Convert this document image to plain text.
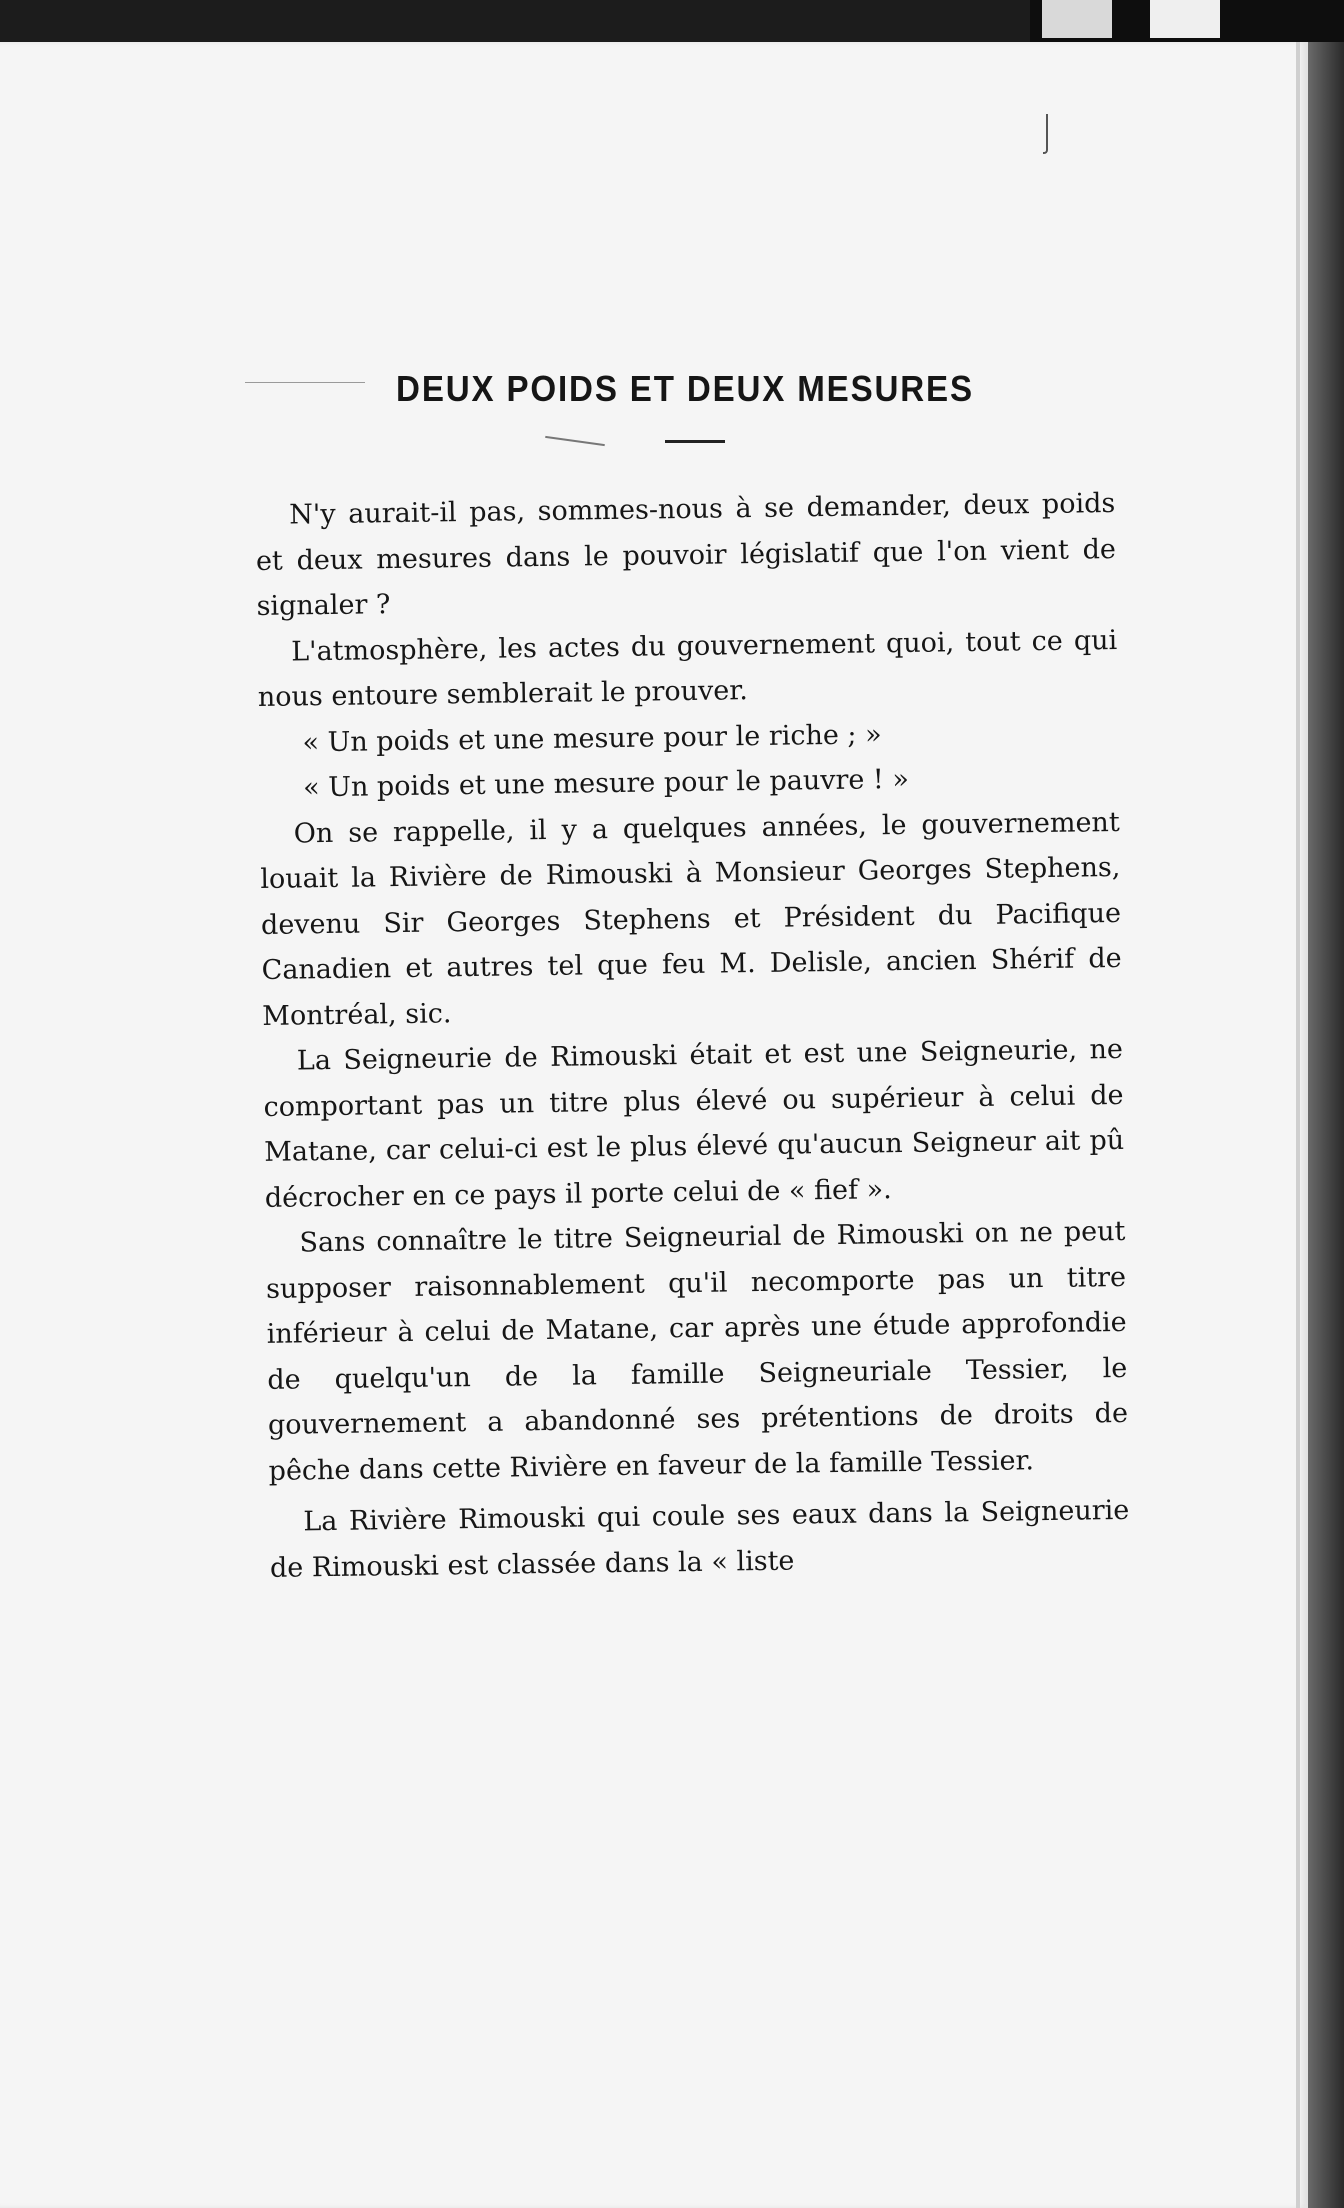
DEUX POIDS ET DEUX MESURES

N'y aurait-il pas, sommes-nous à se demander, deux poids et deux mesures dans le pouvoir législatif que l'on vient de signaler ?

L'atmosphère, les actes du gouvernement quoi, tout ce qui nous entoure semblerait le prouver.

« Un poids et une mesure pour le riche ; »

« Un poids et une mesure pour le pauvre ! »

On se rappelle, il y a quelques années, le gouvernement louait la Rivière de Rimouski à Monsieur Georges Stephens, devenu Sir Georges Stephens et Président du Pacifique Canadien et autres tel que feu M. Delisle, ancien Shérif de Montréal, sic.

La Seigneurie de Rimouski était et est une Seigneurie, ne comportant pas un titre plus élevé ou supérieur à celui de Matane, car celui-ci est le plus élevé qu'aucun Seigneur ait pû décrocher en ce pays il porte celui de « fief ».

Sans connaître le titre Seigneurial de Rimouski on ne peut supposer raisonnablement qu'il necomporte pas un titre inférieur à celui de Matane, car après une étude approfondie de quelqu'un de la famille Seigneuriale Tessier, le gouvernement a abandonné ses prétentions de droits de pêche dans cette Rivière en faveur de la famille Tessier.

La Rivière Rimouski qui coule ses eaux dans la Seigneurie de Rimouski est classée dans la « liste
